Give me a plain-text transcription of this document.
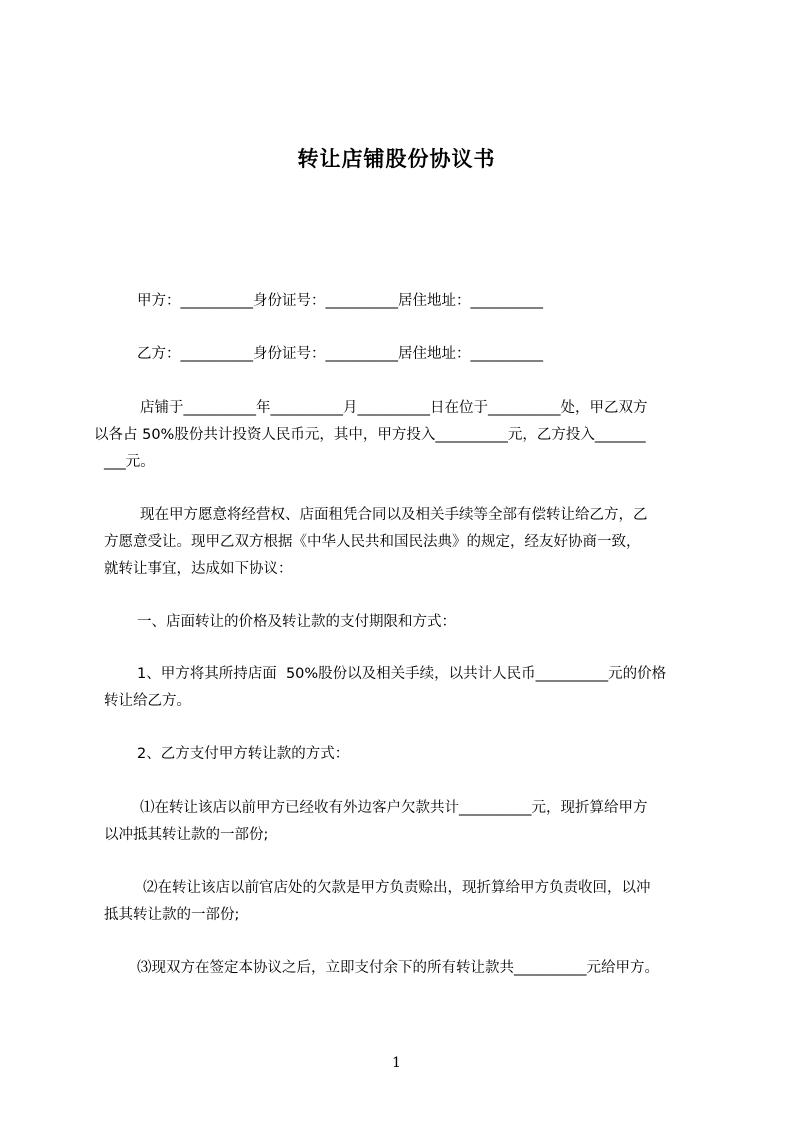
转让店铺股份协议书
甲方：__________身份证号：__________居住地址：__________
乙方：__________身份证号：__________居住地址：__________
店铺于__________年__________月__________日在位于__________处，甲乙双方
以各占 50%股份共计投资人民币元，其中，甲方投入__________元，乙方投入_______
___元。
现在甲方愿意将经营权、店面租凭合同以及相关手续等全部有偿转让给乙方，乙
方愿意受让。现甲乙双方根据《中华人民共和国民法典》的规定，经友好协商一致，
就转让事宜，达成如下协议：
一、店面转让的价格及转让款的支付期限和方式：
1、甲方将其所持店面  50%股份以及相关手续，以共计人民币__________元的价格
转让给乙方。
2、乙方支付甲方转让款的方式：
⑴在转让该店以前甲方已经收有外边客户欠款共计__________元，现折算给甲方
以冲抵其转让款的一部份;
⑵在转让该店以前官店处的欠款是甲方负责赊出，现折算给甲方负责收回，以冲
抵其转让款的一部份;
⑶现双方在签定本协议之后，立即支付余下的所有转让款共__________元给甲方。
1
